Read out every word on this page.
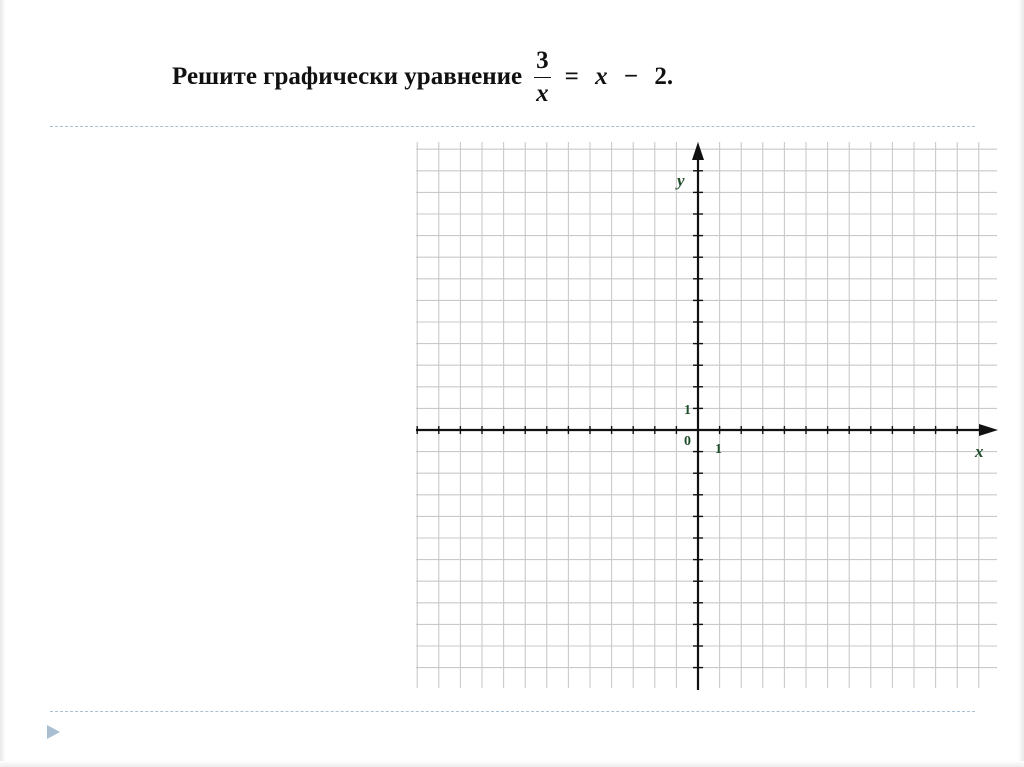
Решите графически уравнение $\frac{3}{x} = x - 2$.
y
x
0
1
1
